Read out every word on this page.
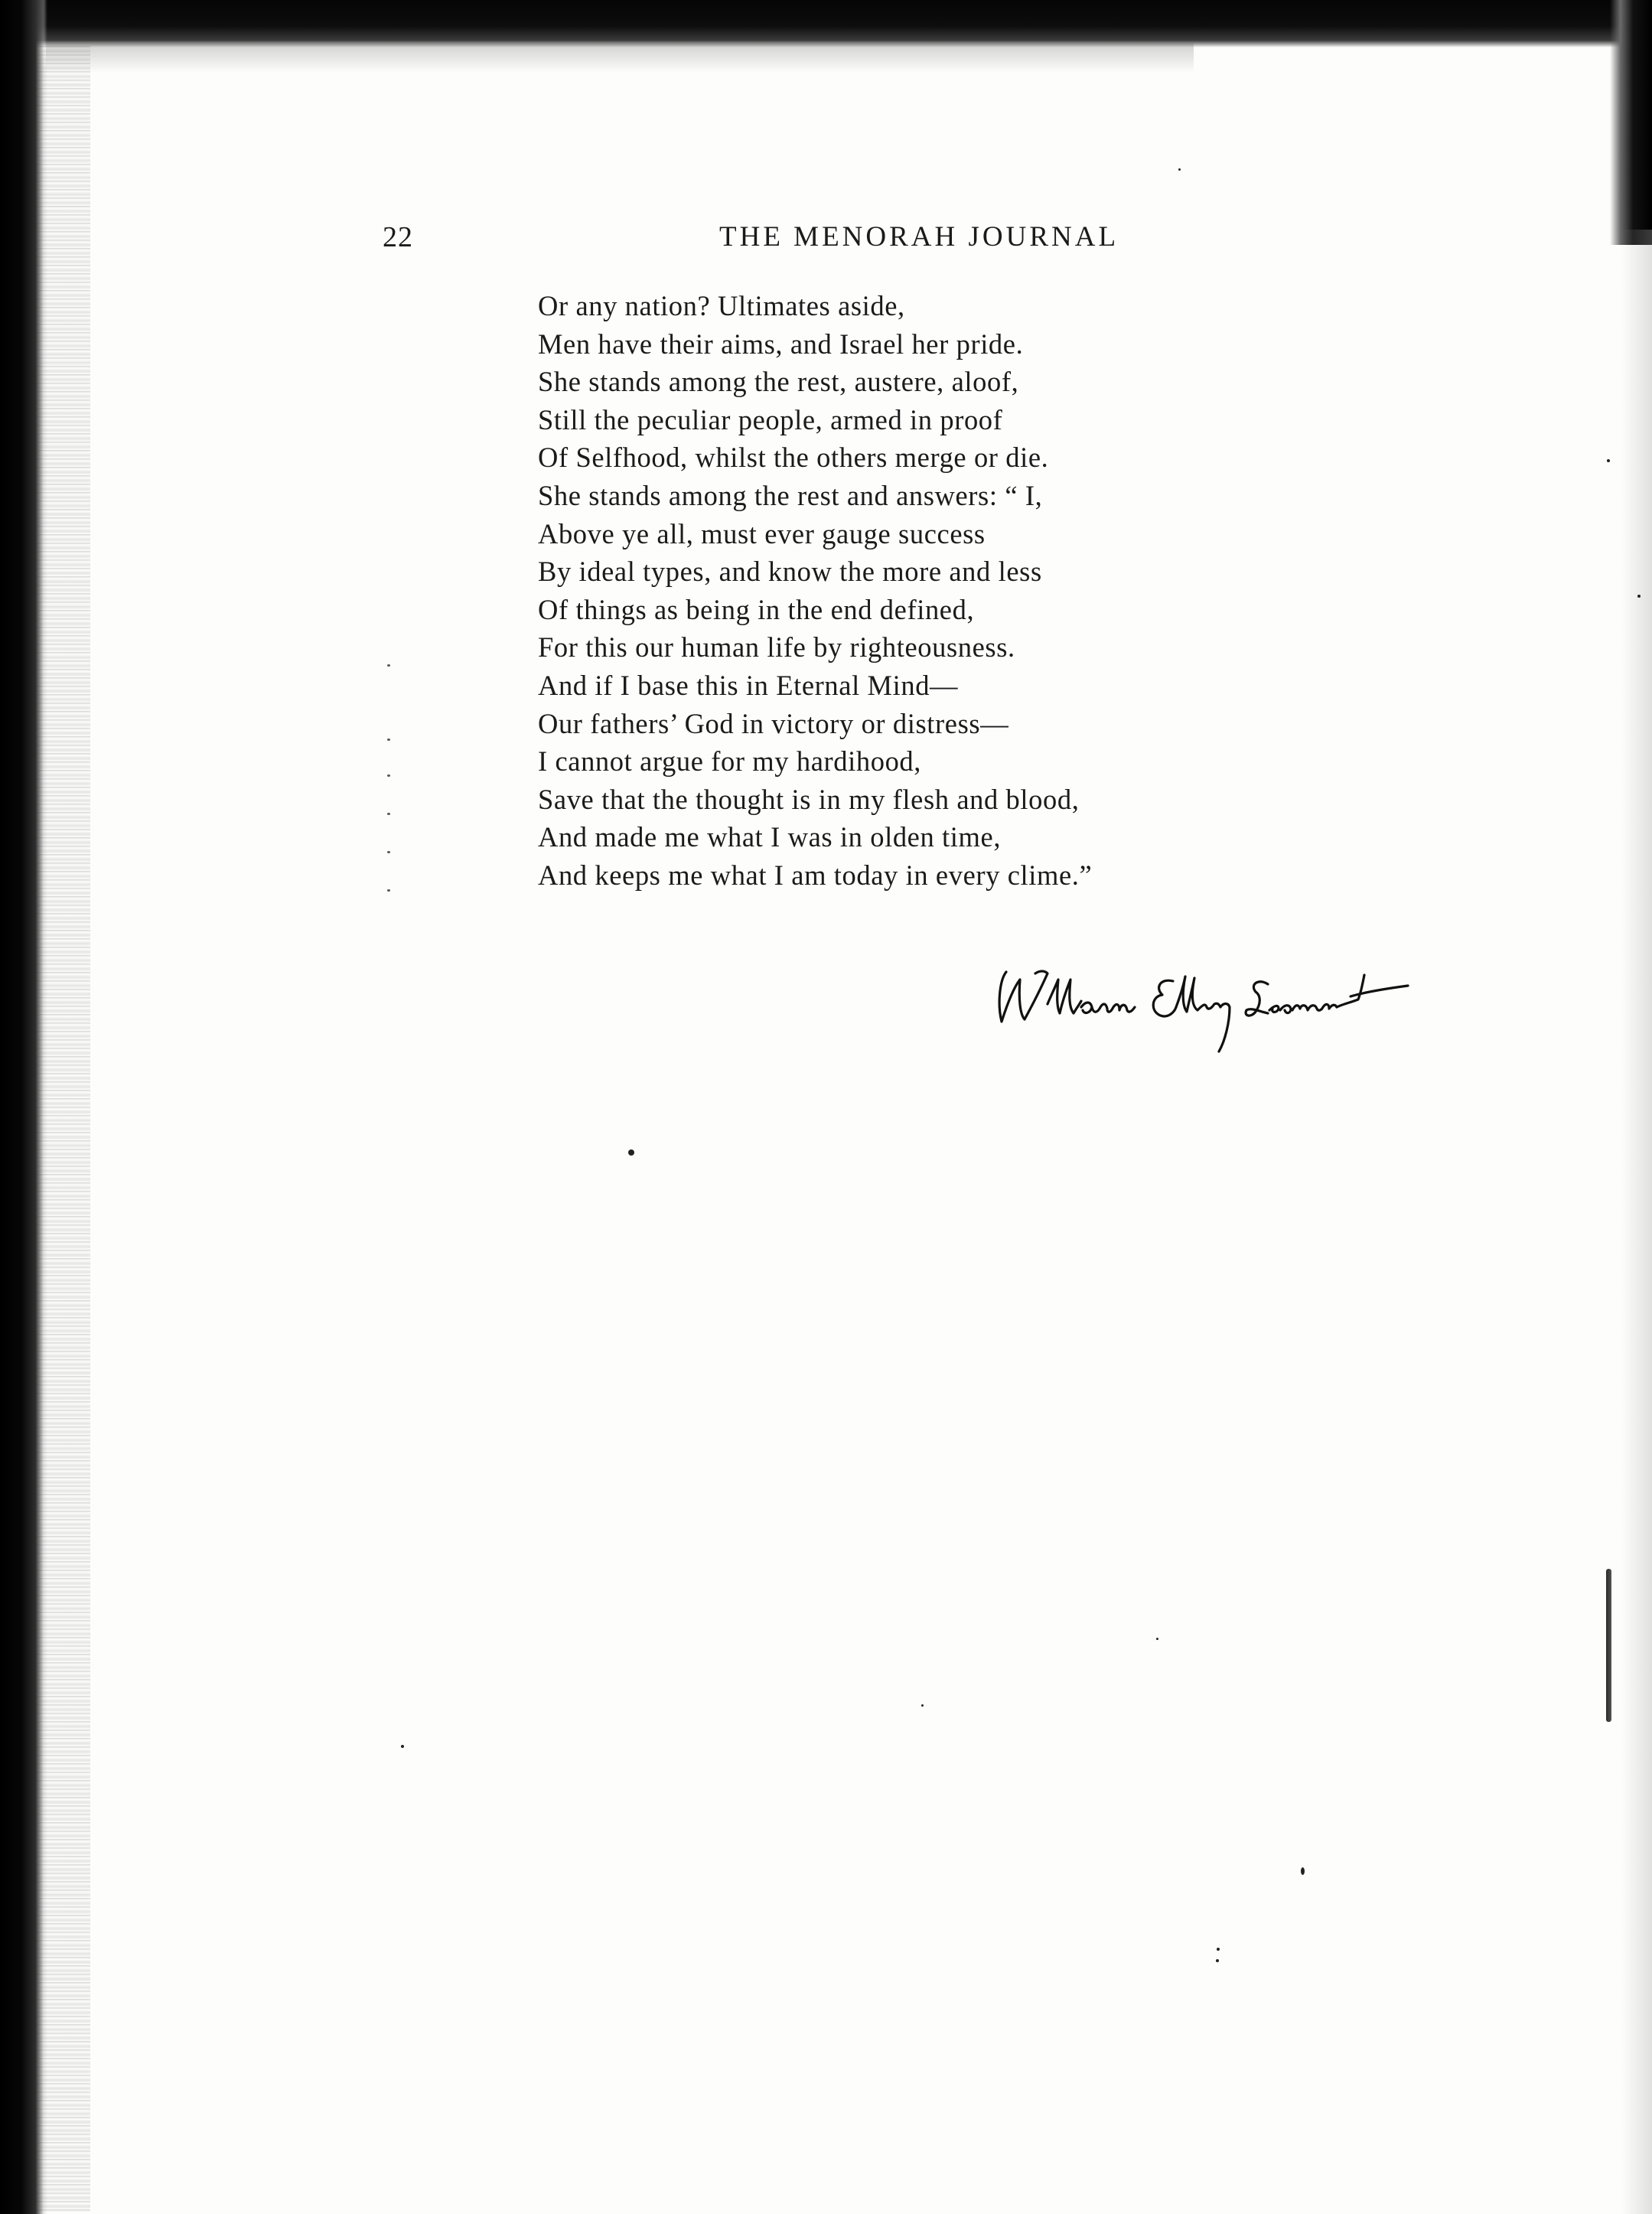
22	THE MENORAH JOURNAL
Or any nation? Ultimates aside,
Men have their aims, and Israel her pride.
She stands among the rest, austere, aloof,
Still the peculiar people, armed in proof
Of Selfhood, whilst the others merge or die.
She stands among the rest and answers: “ I,
Above ye all, must ever gauge success
By ideal types, and know the more and less
Of things as being in the end defined,
For this our human life by righteousness.
And if I base this in Eternal Mind—
Our fathers’ God in victory or distress—
I cannot argue for my hardihood,
Save that the thought is in my flesh and blood,
And made me what I was in olden time,
And keeps me what I am today in every clime.”
